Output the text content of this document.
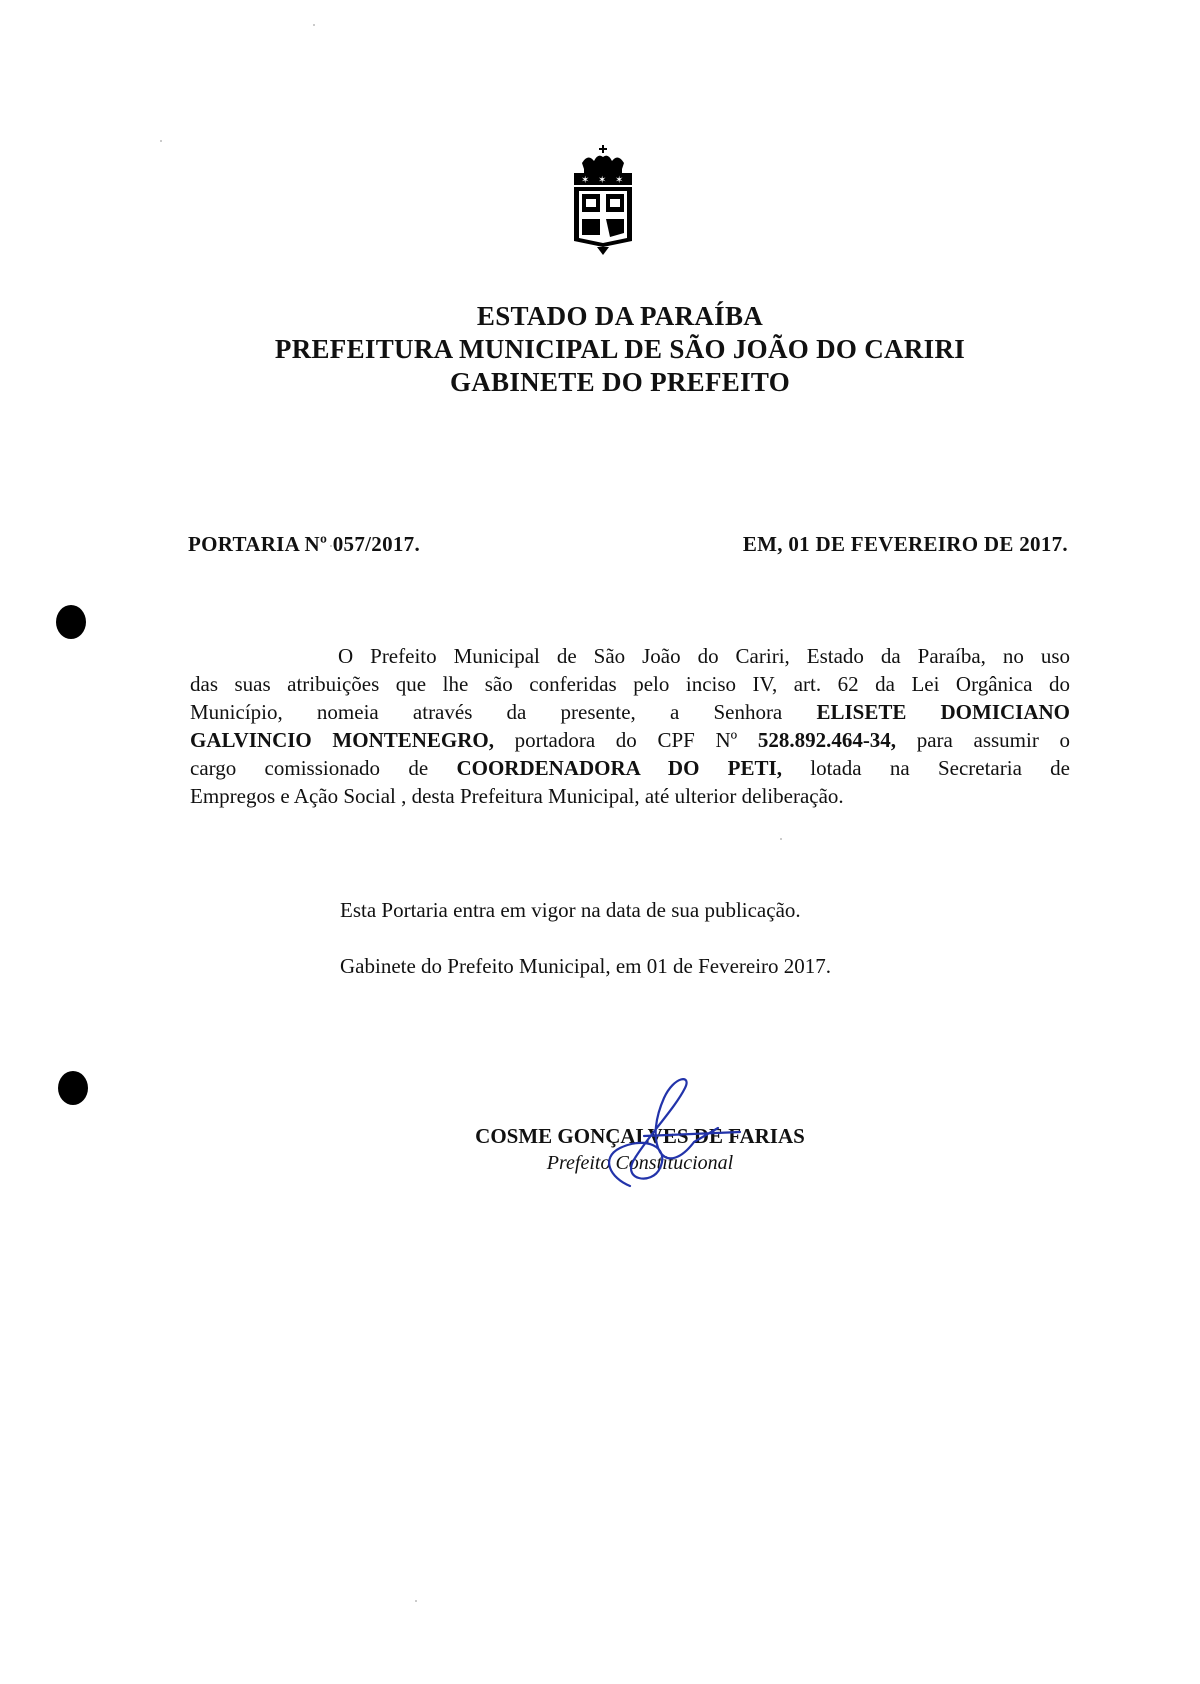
✶ ✶ ✶
ESTADO DA PARAÍBA
PREFEITURA MUNICIPAL DE SÃO JOÃO DO CARIRI
GABINETE DO PREFEITO
PORTARIA Nº 057/2017.	EM, 01 DE FEVEREIRO DE 2017.
O Prefeito Municipal de São João do Cariri, Estado da Paraíba, no uso
das suas atribuições que lhe são conferidas pelo inciso IV, art. 62 da Lei Orgânica do
Município, nomeia através da presente, a Senhora ELISETE DOMICIANO
GALVINCIO MONTENEGRO, portadora do CPF Nº 528.892.464-34, para assumir o
cargo comissionado de COORDENADORA DO PETI, lotada na Secretaria de
Empregos e Ação Social , desta Prefeitura Municipal, até ulterior deliberação.
Esta Portaria entra em vigor na data de sua publicação.
Gabinete do Prefeito Municipal, em 01 de Fevereiro 2017.
COSME GONÇALVES DE FARIAS
Prefeito Constitucional
